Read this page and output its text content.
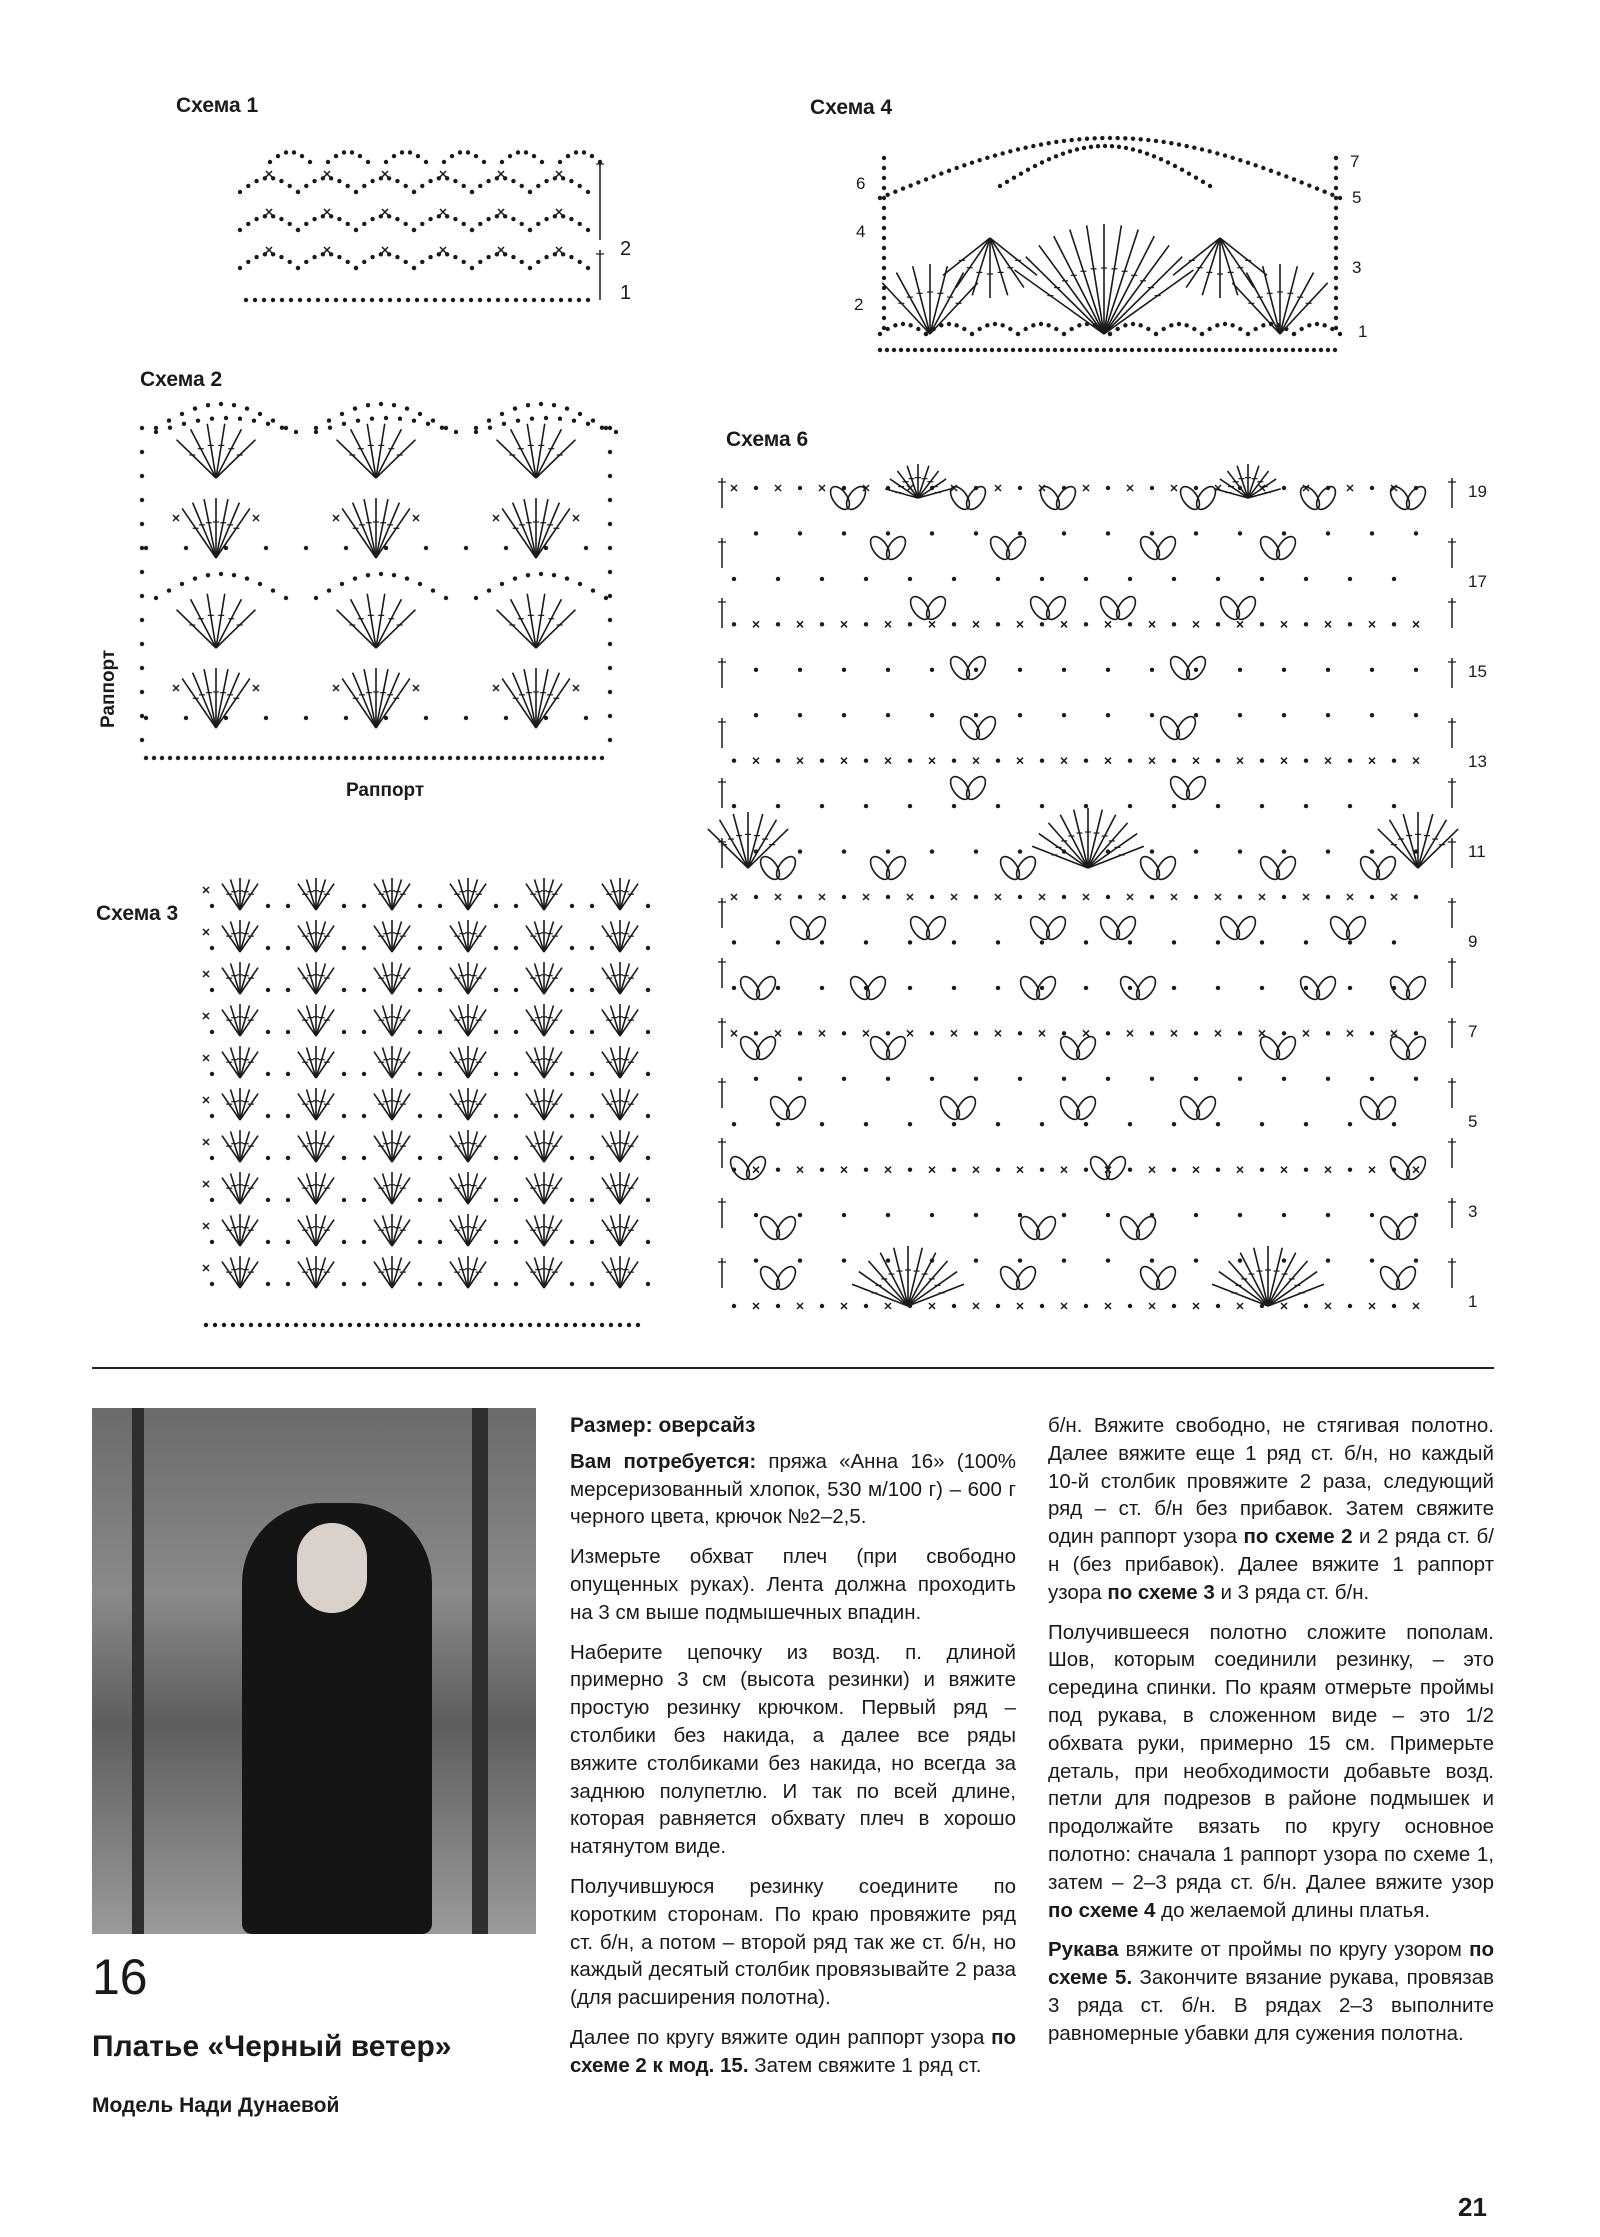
Схема 1	Схема 4
Схема 2
Схема 6
Схема 3
2
1
7
6
5
4
3
2
1
Раппорт
Раппорт
19
17
15
13
11
9
7
5
3
1
16
Платье «Черный ветер»
Модель Нади Дунаевой

Размер: оверсайз

Вам потребуется: пряжа «Анна 16» (100% мерсеризованный хлопок, 530 м/100 г) – 600 г черного цвета, крючок №2–2,5.

Измерьте обхват плеч (при свободно опущенных руках). Лента должна проходить на 3 см выше подмышечных впадин.

Наберите цепочку из возд. п. длиной примерно 3 см (высота резинки) и вяжите простую резинку крючком. Первый ряд – столбики без накида, а далее все ряды вяжите столбиками без накида, но всегда за заднюю полупетлю. И так по всей длине, которая равняется обхвату плеч в хорошо натянутом виде.

Получившуюся резинку соедините по коротким сторонам. По краю провяжите ряд ст. б/н, а потом – второй ряд так же ст. б/н, но каждый десятый столбик провязывайте 2 раза (для расширения полотна).

Далее по кругу вяжите один раппорт узора по схеме 2 к мод. 15. Затем свяжите 1 ряд ст.

б/н. Вяжите свободно, не стягивая полотно. Далее вяжите еще 1 ряд ст. б/н, но каждый 10-й столбик провяжите 2 раза, следующий ряд – ст. б/н без прибавок. Затем свяжите один раппорт узора по схеме 2 и 2 ряда ст. б/н (без прибавок). Далее вяжите 1 раппорт узора по схеме 3 и 3 ряда ст. б/н.

Получившееся полотно сложите пополам. Шов, которым соединили резинку, – это середина спинки. По краям отмерьте проймы под рукава, в сложенном виде – это 1/2 обхвата руки, примерно 15 см. Примерьте деталь, при необходимости добавьте возд. петли для подрезов в районе подмышек и продолжайте вязать по кругу основное полотно: сначала 1 раппорт узора по схеме 1, затем – 2–3 ряда ст. б/н. Далее вяжите узор по схеме 4 до желаемой длины платья.

Рукава вяжите от проймы по кругу узором по схеме 5. Закончите вязание рукава, провязав 3 ряда ст. б/н. В рядах 2–3 выполните равномерные убавки для сужения полотна.

21
